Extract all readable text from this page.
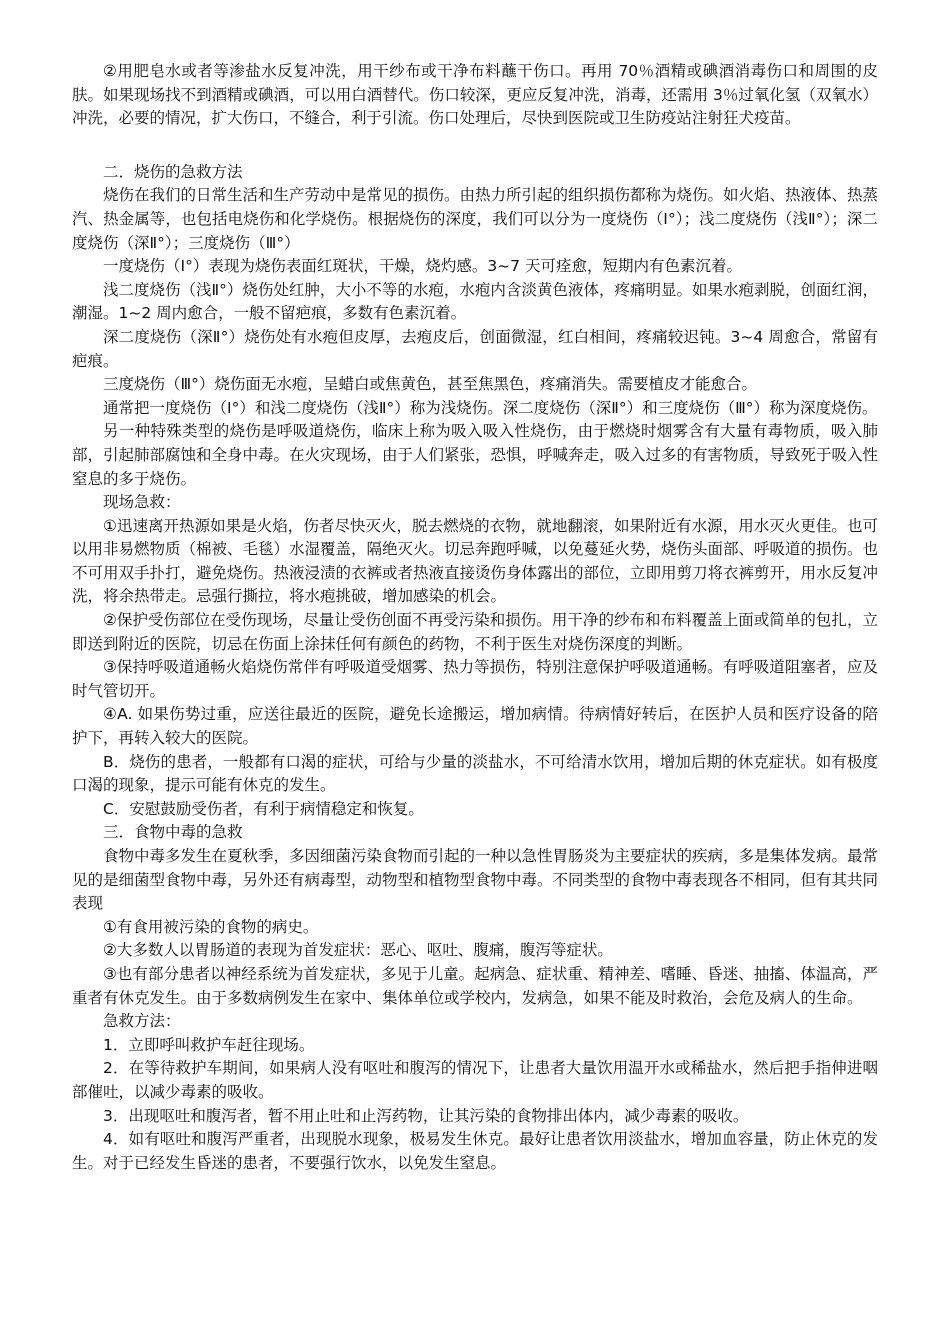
②用肥皂水或者等渗盐水反复冲洗，用干纱布或干净布料蘸干伤口。再用 70％酒精或碘酒消毒伤口和周围的皮肤。如果现场找不到酒精或碘酒，可以用白酒替代。伤口较深，更应反复冲洗，消毒，还需用 3％过氧化氢（双氧水）冲洗，必要的情况，扩大伤口，不缝合，利于引流。伤口处理后，尽快到医院或卫生防疫站注射狂犬疫苗。

二．烧伤的急救方法

烧伤在我们的日常生活和生产劳动中是常见的损伤。由热力所引起的组织损伤都称为烧伤。如火焰、热液体、热蒸汽、热金属等，也包括电烧伤和化学烧伤。根据烧伤的深度，我们可以分为一度烧伤（Ⅰ°）；浅二度烧伤（浅Ⅱ°）；深二度烧伤（深Ⅱ°）；三度烧伤（Ⅲ°）

一度烧伤（Ⅰ°）表现为烧伤表面红斑状，干燥，烧灼感。3~7 天可痊愈，短期内有色素沉着。

浅二度烧伤（浅Ⅱ°）烧伤处红肿，大小不等的水疱，水疱内含淡黄色液体，疼痛明显。如果水疱剥脱，创面红润，潮湿。1~2 周内愈合，一般不留疤痕，多数有色素沉着。

深二度烧伤（深Ⅱ°）烧伤处有水疱但皮厚，去疱皮后，创面微湿，红白相间，疼痛较迟钝。3~4 周愈合，常留有疤痕。

三度烧伤（Ⅲ°）烧伤面无水疱，呈蜡白或焦黄色，甚至焦黑色，疼痛消失。需要植皮才能愈合。

通常把一度烧伤（Ⅰ°）和浅二度烧伤（浅Ⅱ°）称为浅烧伤。深二度烧伤（深Ⅱ°）和三度烧伤（Ⅲ°）称为深度烧伤。

另一种特殊类型的烧伤是呼吸道烧伤，临床上称为吸入吸入性烧伤，由于燃烧时烟雾含有大量有毒物质，吸入肺部，引起肺部腐蚀和全身中毒。在火灾现场，由于人们紧张，恐惧，呼喊奔走，吸入过多的有害物质，导致死于吸入性窒息的多于烧伤。

现场急救：

①迅速离开热源如果是火焰，伤者尽快灭火，脱去燃烧的衣物，就地翻滚，如果附近有水源，用水灭火更佳。也可以用非易燃物质（棉被、毛毯）水湿覆盖，隔绝灭火。切忌奔跑呼喊，以免蔓延火势，烧伤头面部、呼吸道的损伤。也不可用双手扑打，避免烧伤。热液浸渍的衣裤或者热液直接烫伤身体露出的部位，立即用剪刀将衣裤剪开，用水反复冲洗，将余热带走。忌强行撕拉，将水疱挑破，增加感染的机会。

②保护受伤部位在受伤现场，尽量让受伤创面不再受污染和损伤。用干净的纱布和布料覆盖上面或简单的包扎，立即送到附近的医院，切忌在伤面上涂抹任何有颜色的药物，不利于医生对烧伤深度的判断。

③保持呼吸道通畅火焰烧伤常伴有呼吸道受烟雾、热力等损伤，特别注意保护呼吸道通畅。有呼吸道阻塞者，应及时气管切开。

④A. 如果伤势过重，应送往最近的医院，避免长途搬运，增加病情。待病情好转后，在医护人员和医疗设备的陪护下，再转入较大的医院。

B．烧伤的患者，一般都有口渴的症状，可给与少量的淡盐水，不可给清水饮用，增加后期的休克症状。如有极度口渴的现象，提示可能有休克的发生。

C．安慰鼓励受伤者，有利于病情稳定和恢复。

三．食物中毒的急救

食物中毒多发生在夏秋季，多因细菌污染食物而引起的一种以急性胃肠炎为主要症状的疾病，多是集体发病。最常见的是细菌型食物中毒，另外还有病毒型，动物型和植物型食物中毒。不同类型的食物中毒表现各不相同，但有其共同表现

①有食用被污染的食物的病史。

②大多数人以胃肠道的表现为首发症状：恶心、呕吐、腹痛，腹泻等症状。

③也有部分患者以神经系统为首发症状，多见于儿童。起病急、症状重、精神差、嗜睡、昏迷、抽搐、体温高，严重者有休克发生。由于多数病例发生在家中、集体单位或学校内，发病急，如果不能及时救治，会危及病人的生命。

急救方法：

1．立即呼叫救护车赶往现场。

2．在等待救护车期间，如果病人没有呕吐和腹泻的情况下，让患者大量饮用温开水或稀盐水，然后把手指伸进咽部催吐，以减少毒素的吸收。

3．出现呕吐和腹泻者，暂不用止吐和止泻药物，让其污染的食物排出体内，减少毒素的吸收。

4．如有呕吐和腹泻严重者，出现脱水现象，极易发生休克。最好让患者饮用淡盐水，增加血容量，防止休克的发生。对于已经发生昏迷的患者，不要强行饮水，以免发生窒息。
